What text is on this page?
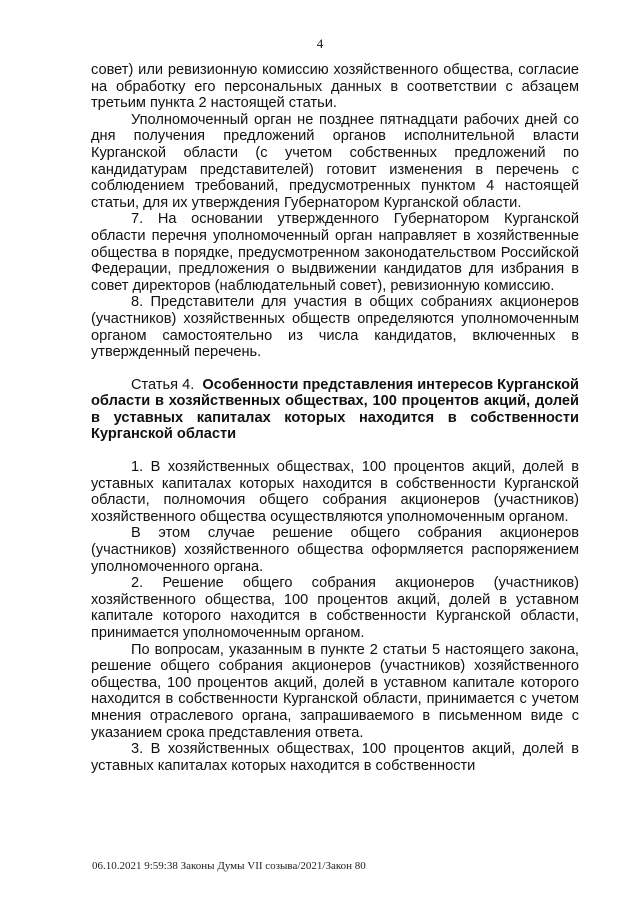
4

совет) или ревизионную комиссию хозяйственного общества, согласие на обработку его персональных данных в соответствии с абзацем третьим пункта 2 настоящей статьи.

Уполномоченный орган не позднее пятнадцати рабочих дней со дня получения предложений органов исполнительной власти Курганской области (с учетом собственных предложений по кандидатурам представителей) готовит изменения в перечень с соблюдением требований, предусмотренных пунктом 4 настоящей статьи, для их утверждения Губернатором Курганской области.

7. На основании утвержденного Губернатором Курганской области перечня уполномоченный орган направляет в хозяйственные общества в порядке, предусмотренном законодательством Российской Федерации, предложения о выдвижении кандидатов для избрания в совет директоров (наблюдательный совет), ревизионную комиссию.

8. Представители для участия в общих собраниях акционеров (участников) хозяйственных обществ определяются уполномоченным органом самостоятельно из числа кандидатов, включенных в утвержденный перечень.

Статья 4. Особенности представления интересов Курганской области в хозяйственных обществах, 100 процентов акций, долей в уставных капиталах которых находится в собственности Курганской области

1. В хозяйственных обществах, 100 процентов акций, долей в уставных капиталах которых находится в собственности Курганской области, полномочия общего собрания акционеров (участников) хозяйственного общества осуществляются уполномоченным органом.

В этом случае решение общего собрания акционеров (участников) хозяйственного общества оформляется распоряжением уполномоченного органа.

2. Решение общего собрания акционеров (участников) хозяйственного общества, 100 процентов акций, долей в уставном капитале которого находится в собственности Курганской области, принимается уполномоченным органом.

По вопросам, указанным в пункте 2 статьи 5 настоящего закона, решение общего собрания акционеров (участников) хозяйственного общества, 100 процентов акций, долей в уставном капитале которого находится в собственности Курганской области, принимается с учетом мнения отраслевого органа, запрашиваемого в письменном виде с указанием срока представления ответа.

3. В хозяйственных обществах, 100 процентов акций, долей в уставных капиталах которых находится в собственности

06.10.2021 9:59:38 Законы Думы VII созыва/2021/Закон 80
